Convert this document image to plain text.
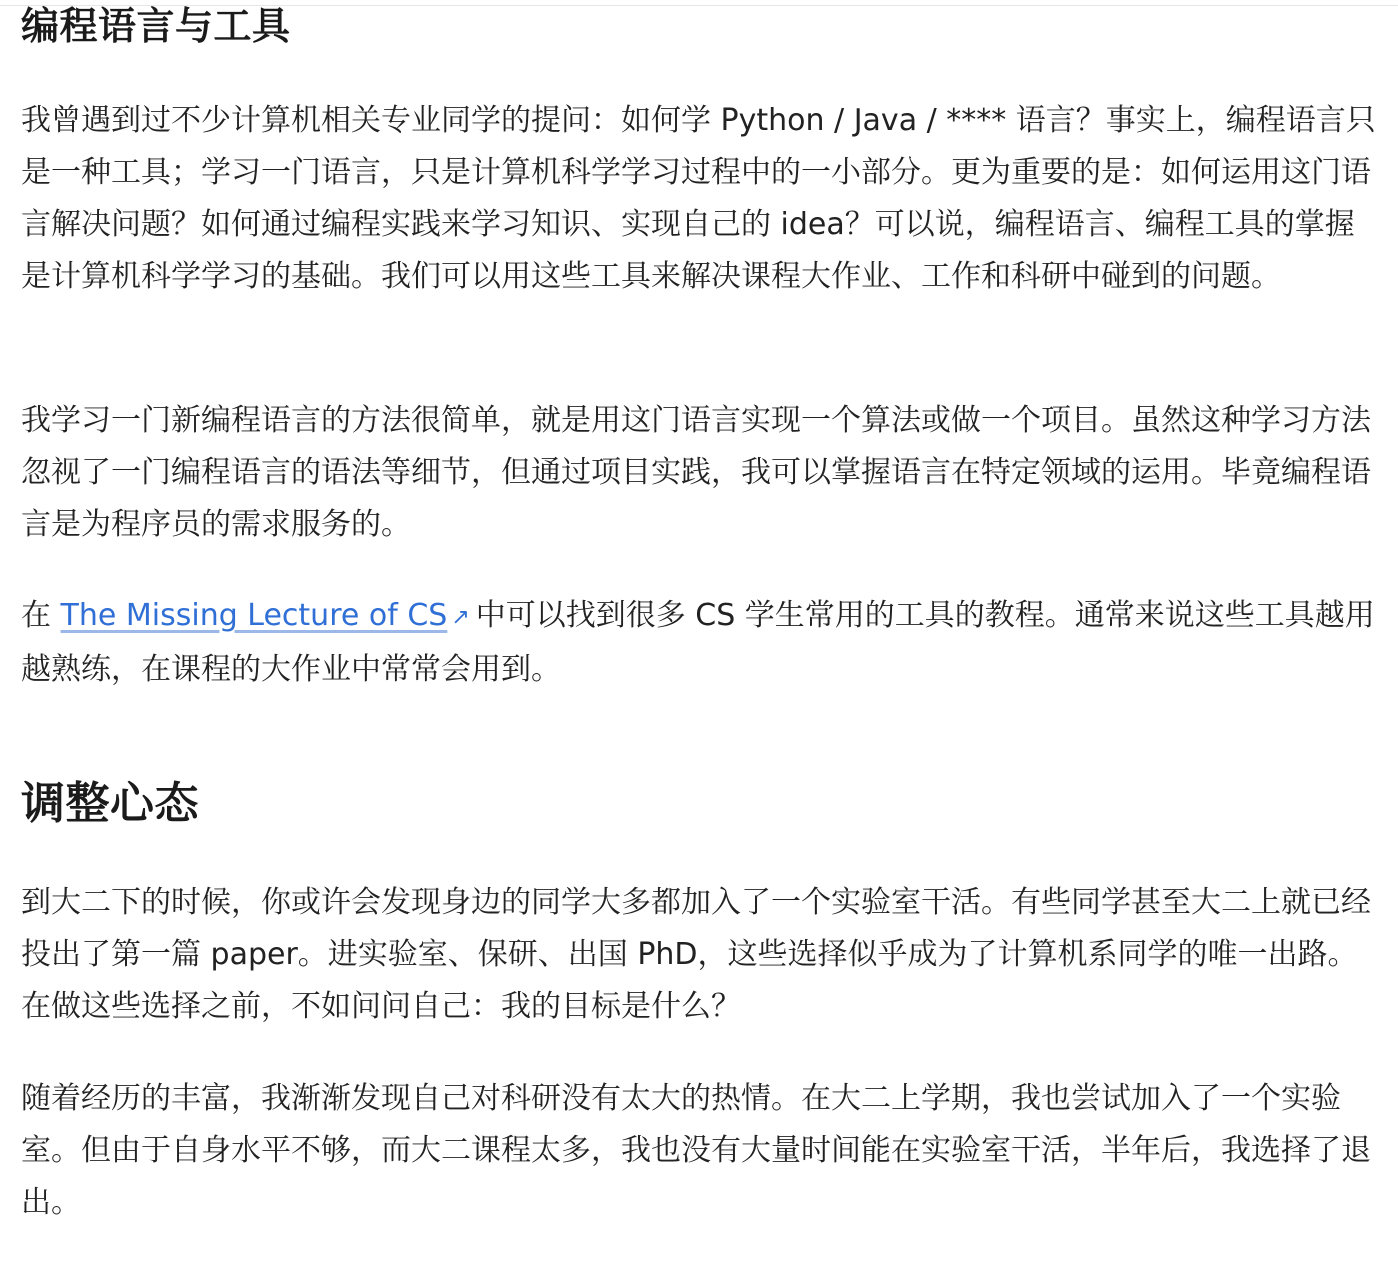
编程语言与工具

我曾遇到过不少计算机相关专业同学的提问：如何学 Python / Java / **** 语言？事实上，编程语言只是一种工具；学习一门语言，只是计算机科学学习过程中的一小部分。更为重要的是：如何运用这门语言解决问题？如何通过编程实践来学习知识、实现自己的 idea？可以说，编程语言、编程工具的掌握是计算机科学学习的基础。我们可以用这些工具来解决课程大作业、工作和科研中碰到的问题。

我学习一门新编程语言的方法很简单，就是用这门语言实现一个算法或做一个项目。虽然这种学习方法忽视了一门编程语言的语法等细节，但通过项目实践，我可以掌握语言在特定领域的运用。毕竟编程语言是为程序员的需求服务的。

在 The Missing Lecture of CS ↗ 中可以找到很多 CS 学生常用的工具的教程。通常来说这些工具越用越熟练，在课程的大作业中常常会用到。

调整心态

到大二下的时候，你或许会发现身边的同学大多都加入了一个实验室干活。有些同学甚至大二上就已经投出了第一篇 paper。进实验室、保研、出国 PhD，这些选择似乎成为了计算机系同学的唯一出路。在做这些选择之前，不如问问自己：我的目标是什么？

随着经历的丰富，我渐渐发现自己对科研没有太大的热情。在大二上学期，我也尝试加入了一个实验室。但由于自身水平不够，而大二课程太多，我也没有大量时间能在实验室干活，半年后，我选择了退出。
